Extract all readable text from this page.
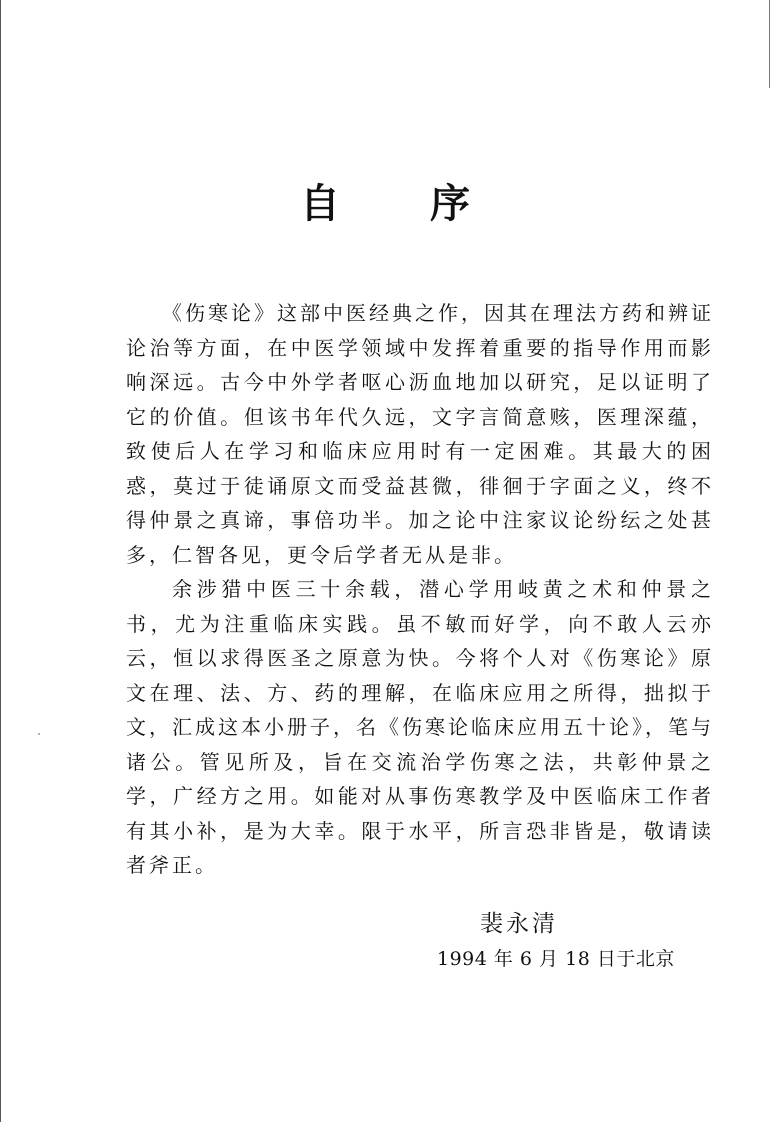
自 序

《伤寒论》这部中医经典之作，因其在理法方药和辨证论治等方面，在中医学领域中发挥着重要的指导作用而影响深远。古今中外学者呕心沥血地加以研究，足以证明了它的价值。但该书年代久远，文字言简意赅，医理深蕴，致使后人在学习和临床应用时有一定困难。其最大的困惑，莫过于徒诵原文而受益甚微，徘徊于字面之义，终不得仲景之真谛，事倍功半。加之论中注家议论纷纭之处甚多，仁智各见，更令后学者无从是非。

余涉猎中医三十余载，潜心学用岐黄之术和仲景之书，尤为注重临床实践。虽不敏而好学，向不敢人云亦云，恒以求得医圣之原意为快。今将个人对《伤寒论》原文在理、法、方、药的理解，在临床应用之所得，拙拟于文，汇成这本小册子，名《伤寒论临床应用五十论》，笔与诸公。管见所及，旨在交流治学伤寒之法，共彰仲景之学，广经方之用。如能对从事伤寒教学及中医临床工作者有其小补，是为大幸。限于水平，所言恐非皆是，敬请读者斧正。

裴永清
1994 年 6 月 18 日于北京
